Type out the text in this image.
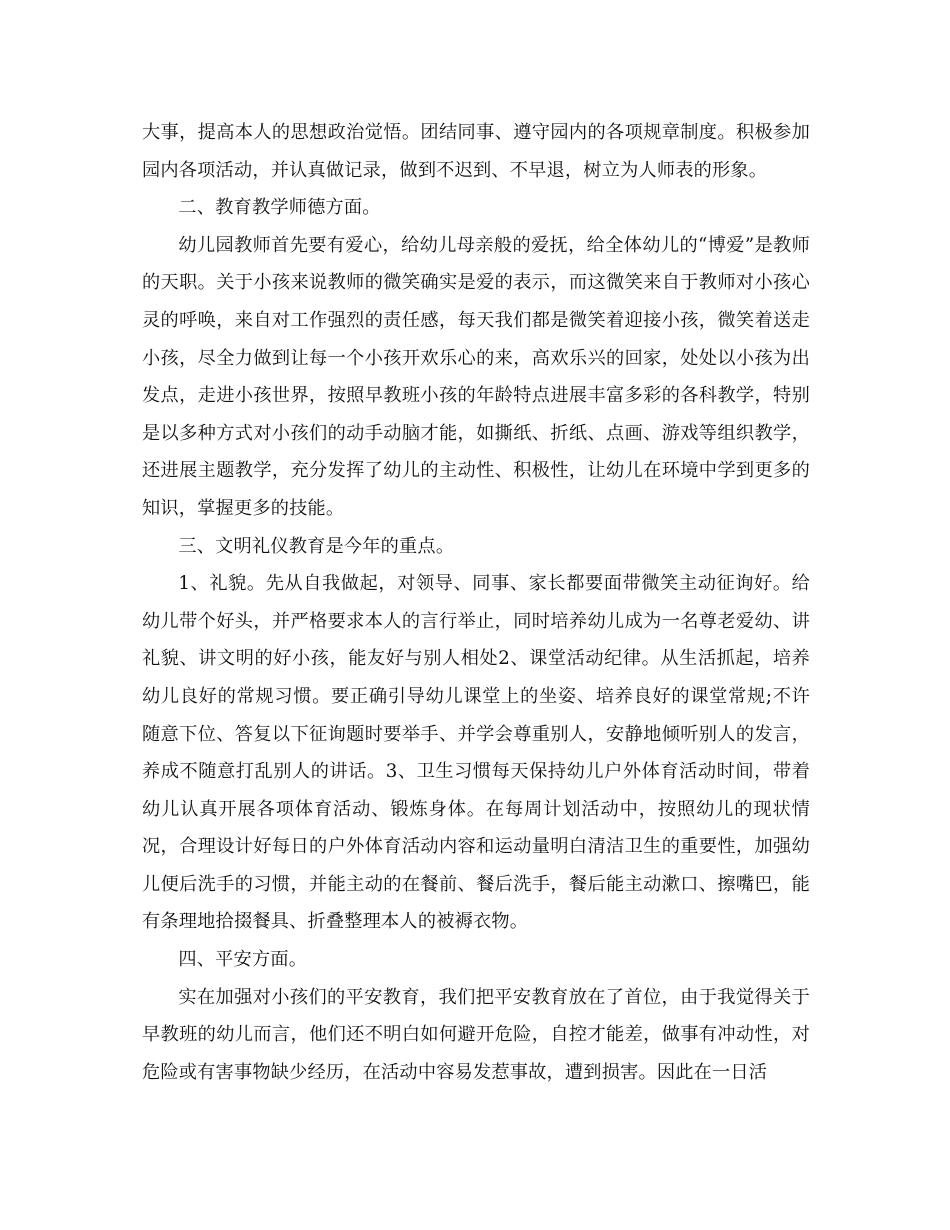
大事，提高本人的思想政治觉悟。团结同事、遵守园内的各项规章制度。积极参加园内各项活动，并认真做记录，做到不迟到、不早退，树立为人师表的形象。

二、教育教学师德方面。

幼儿园教师首先要有爱心，给幼儿母亲般的爱抚，给全体幼儿的“博爱”是教师的天职。关于小孩来说教师的微笑确实是爱的表示，而这微笑来自于教师对小孩心灵的呼唤，来自对工作强烈的责任感，每天我们都是微笑着迎接小孩，微笑着送走小孩，尽全力做到让每一个小孩开欢乐心的来，高欢乐兴的回家，处处以小孩为出发点，走进小孩世界，按照早教班小孩的年龄特点进展丰富多彩的各科教学，特别是以多种方式对小孩们的动手动脑才能，如撕纸、折纸、点画、游戏等组织教学，还进展主题教学，充分发挥了幼儿的主动性、积极性，让幼儿在环境中学到更多的知识，掌握更多的技能。

三、文明礼仪教育是今年的重点。

1、礼貌。先从自我做起，对领导、同事、家长都要面带微笑主动征询好。给幼儿带个好头，并严格要求本人的言行举止，同时培养幼儿成为一名尊老爱幼、讲礼貌、讲文明的好小孩，能友好与别人相处2、课堂活动纪律。从生活抓起，培养幼儿良好的常规习惯。要正确引导幼儿课堂上的坐姿、培养良好的课堂常规;不许随意下位、答复以下征询题时要举手、并学会尊重别人，安静地倾听别人的发言，养成不随意打乱别人的讲话。3、卫生习惯每天保持幼儿户外体育活动时间，带着幼儿认真开展各项体育活动、锻炼身体。在每周计划活动中，按照幼儿的现状情况，合理设计好每日的户外体育活动内容和运动量明白清洁卫生的重要性，加强幼儿便后洗手的习惯，并能主动的在餐前、餐后洗手，餐后能主动漱口、擦嘴巴，能有条理地拾掇餐具、折叠整理本人的被褥衣物。

四、平安方面。

实在加强对小孩们的平安教育，我们把平安教育放在了首位，由于我觉得关于早教班的幼儿而言，他们还不明白如何避开危险，自控才能差，做事有冲动性，对危险或有害事物缺少经历，在活动中容易发惹事故，遭到损害。因此在一日活
